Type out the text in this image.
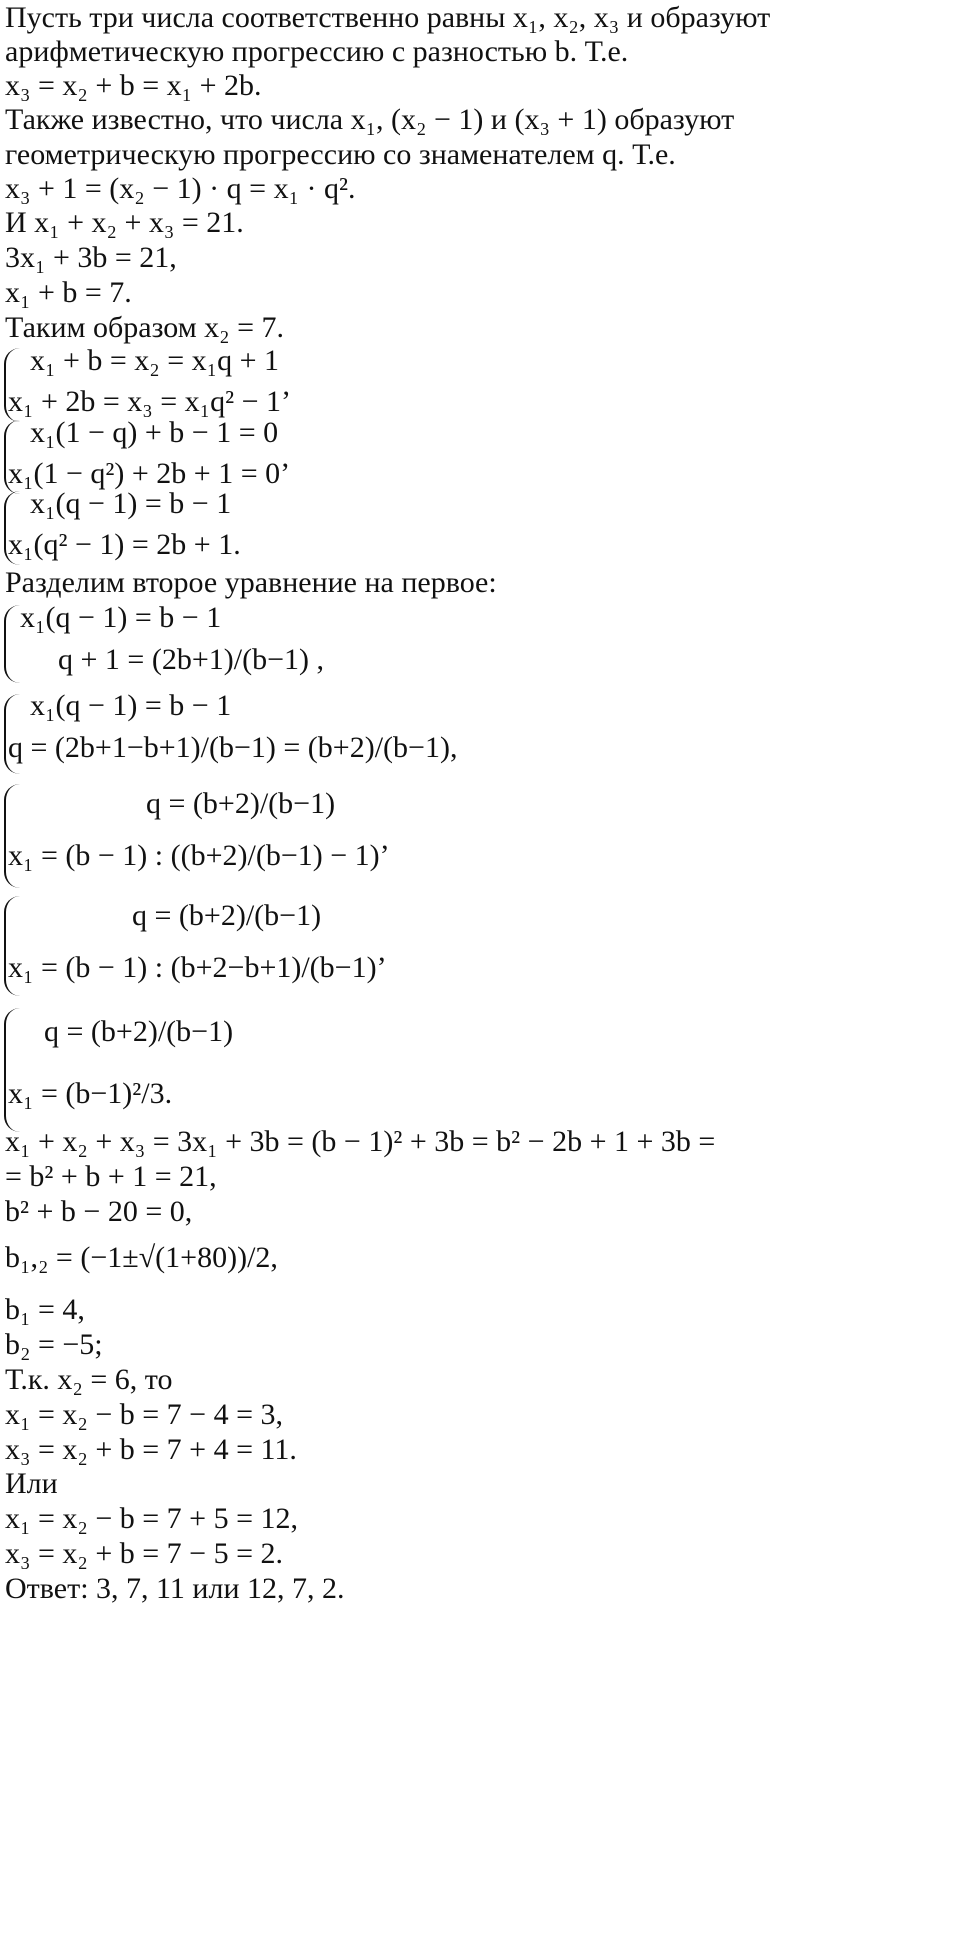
Пусть три числа соответственно равны x₁, x₂, x₃ и образуют
арифметическую прогрессию с разностью b. Т.е.
x₃ = x₂ + b = x₁ + 2b.
Также известно, что числа x₁, (x₂ − 1) и (x₃ + 1) образуют
геометрическую прогрессию со знаменателем q. Т.е.
x₃ + 1 = (x₂ − 1) · q = x₁ · q².
И x₁ + x₂ + x₃ = 21.
3x₁ + 3b = 21,
x₁ + b = 7.
Таким образом x₂ = 7.
x₁ + b = x₂ = x₁q + 1
x₁ + 2b = x₃ = x₁q² − 1’
x₁(1 − q) + b − 1 = 0
x₁(1 − q²) + 2b + 1 = 0’
x₁(q − 1) = b − 1
x₁(q² − 1) = 2b + 1.
Разделим второе уравнение на первое:
x₁(q − 1) = b − 1
q + 1 = (2b+1)/(b−1) ,
x₁(q − 1) = b − 1
q = (2b+1−b+1)/(b−1) = (b+2)/(b−1),
q = (b+2)/(b−1)
x₁ = (b − 1) : ((b+2)/(b−1) − 1)’
q = (b+2)/(b−1)
x₁ = (b − 1) : (b+2−b+1)/(b−1)’
q = (b+2)/(b−1)
x₁ = (b−1)²/3.
x₁ + x₂ + x₃ = 3x₁ + 3b = (b − 1)² + 3b = b² − 2b + 1 + 3b =
= b² + b + 1 = 21,
b² + b − 20 = 0,
b₁,₂ = (−1±√(1+80))/2,
b₁ = 4,
b₂ = −5;
Т.к. x₂ = 6, то
x₁ = x₂ − b = 7 − 4 = 3,
x₃ = x₂ + b = 7 + 4 = 11.
Или
x₁ = x₂ − b = 7 + 5 = 12,
x₃ = x₂ + b = 7 − 5 = 2.
Ответ: 3, 7, 11 или 12, 7, 2.
